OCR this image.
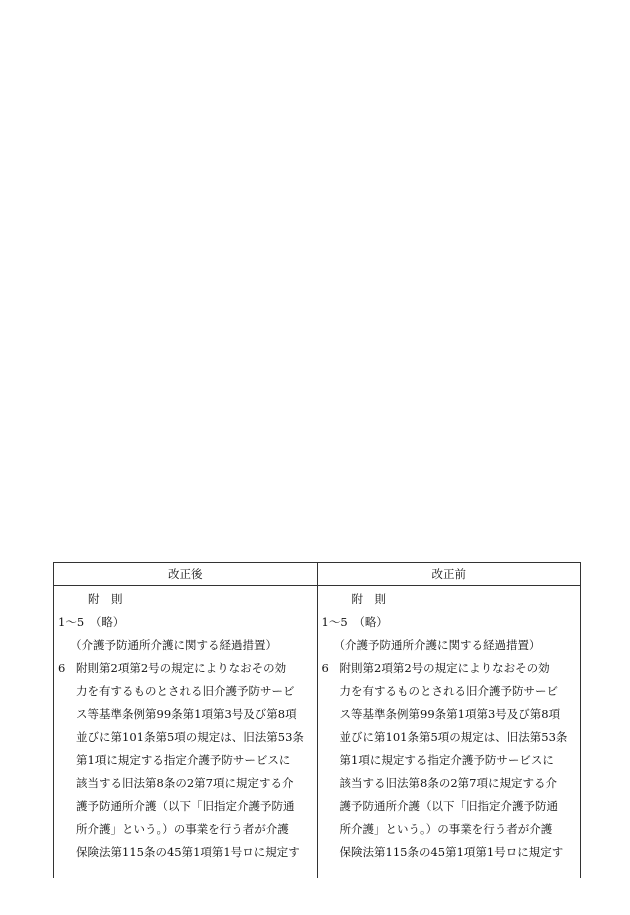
改正後	改正前
附　則
1～5　（略）
（介護予防通所介護に関する経過措置）
6 附則第2項第2号の規定によりなおその効
力を有するものとされる旧介護予防サービ
ス等基準条例第99条第1項第3号及び第8項
並びに第101条第5項の規定は、旧法第53条
第1項に規定する指定介護予防サービスに
該当する旧法第8条の2第7項に規定する介
護予防通所介護（以下「旧指定介護予防通
所介護」という。）の事業を行う者が介護
保険法第115条の45第1項第1号ロに規定す
附　則
1～5　（略）
（介護予防通所介護に関する経過措置）
6 附則第2項第2号の規定によりなおその効
力を有するものとされる旧介護予防サービ
ス等基準条例第99条第1項第3号及び第8項
並びに第101条第5項の規定は、旧法第53条
第1項に規定する指定介護予防サービスに
該当する旧法第8条の2第7項に規定する介
護予防通所介護（以下「旧指定介護予防通
所介護」という。）の事業を行う者が介護
保険法第115条の45第1項第1号ロに規定す
